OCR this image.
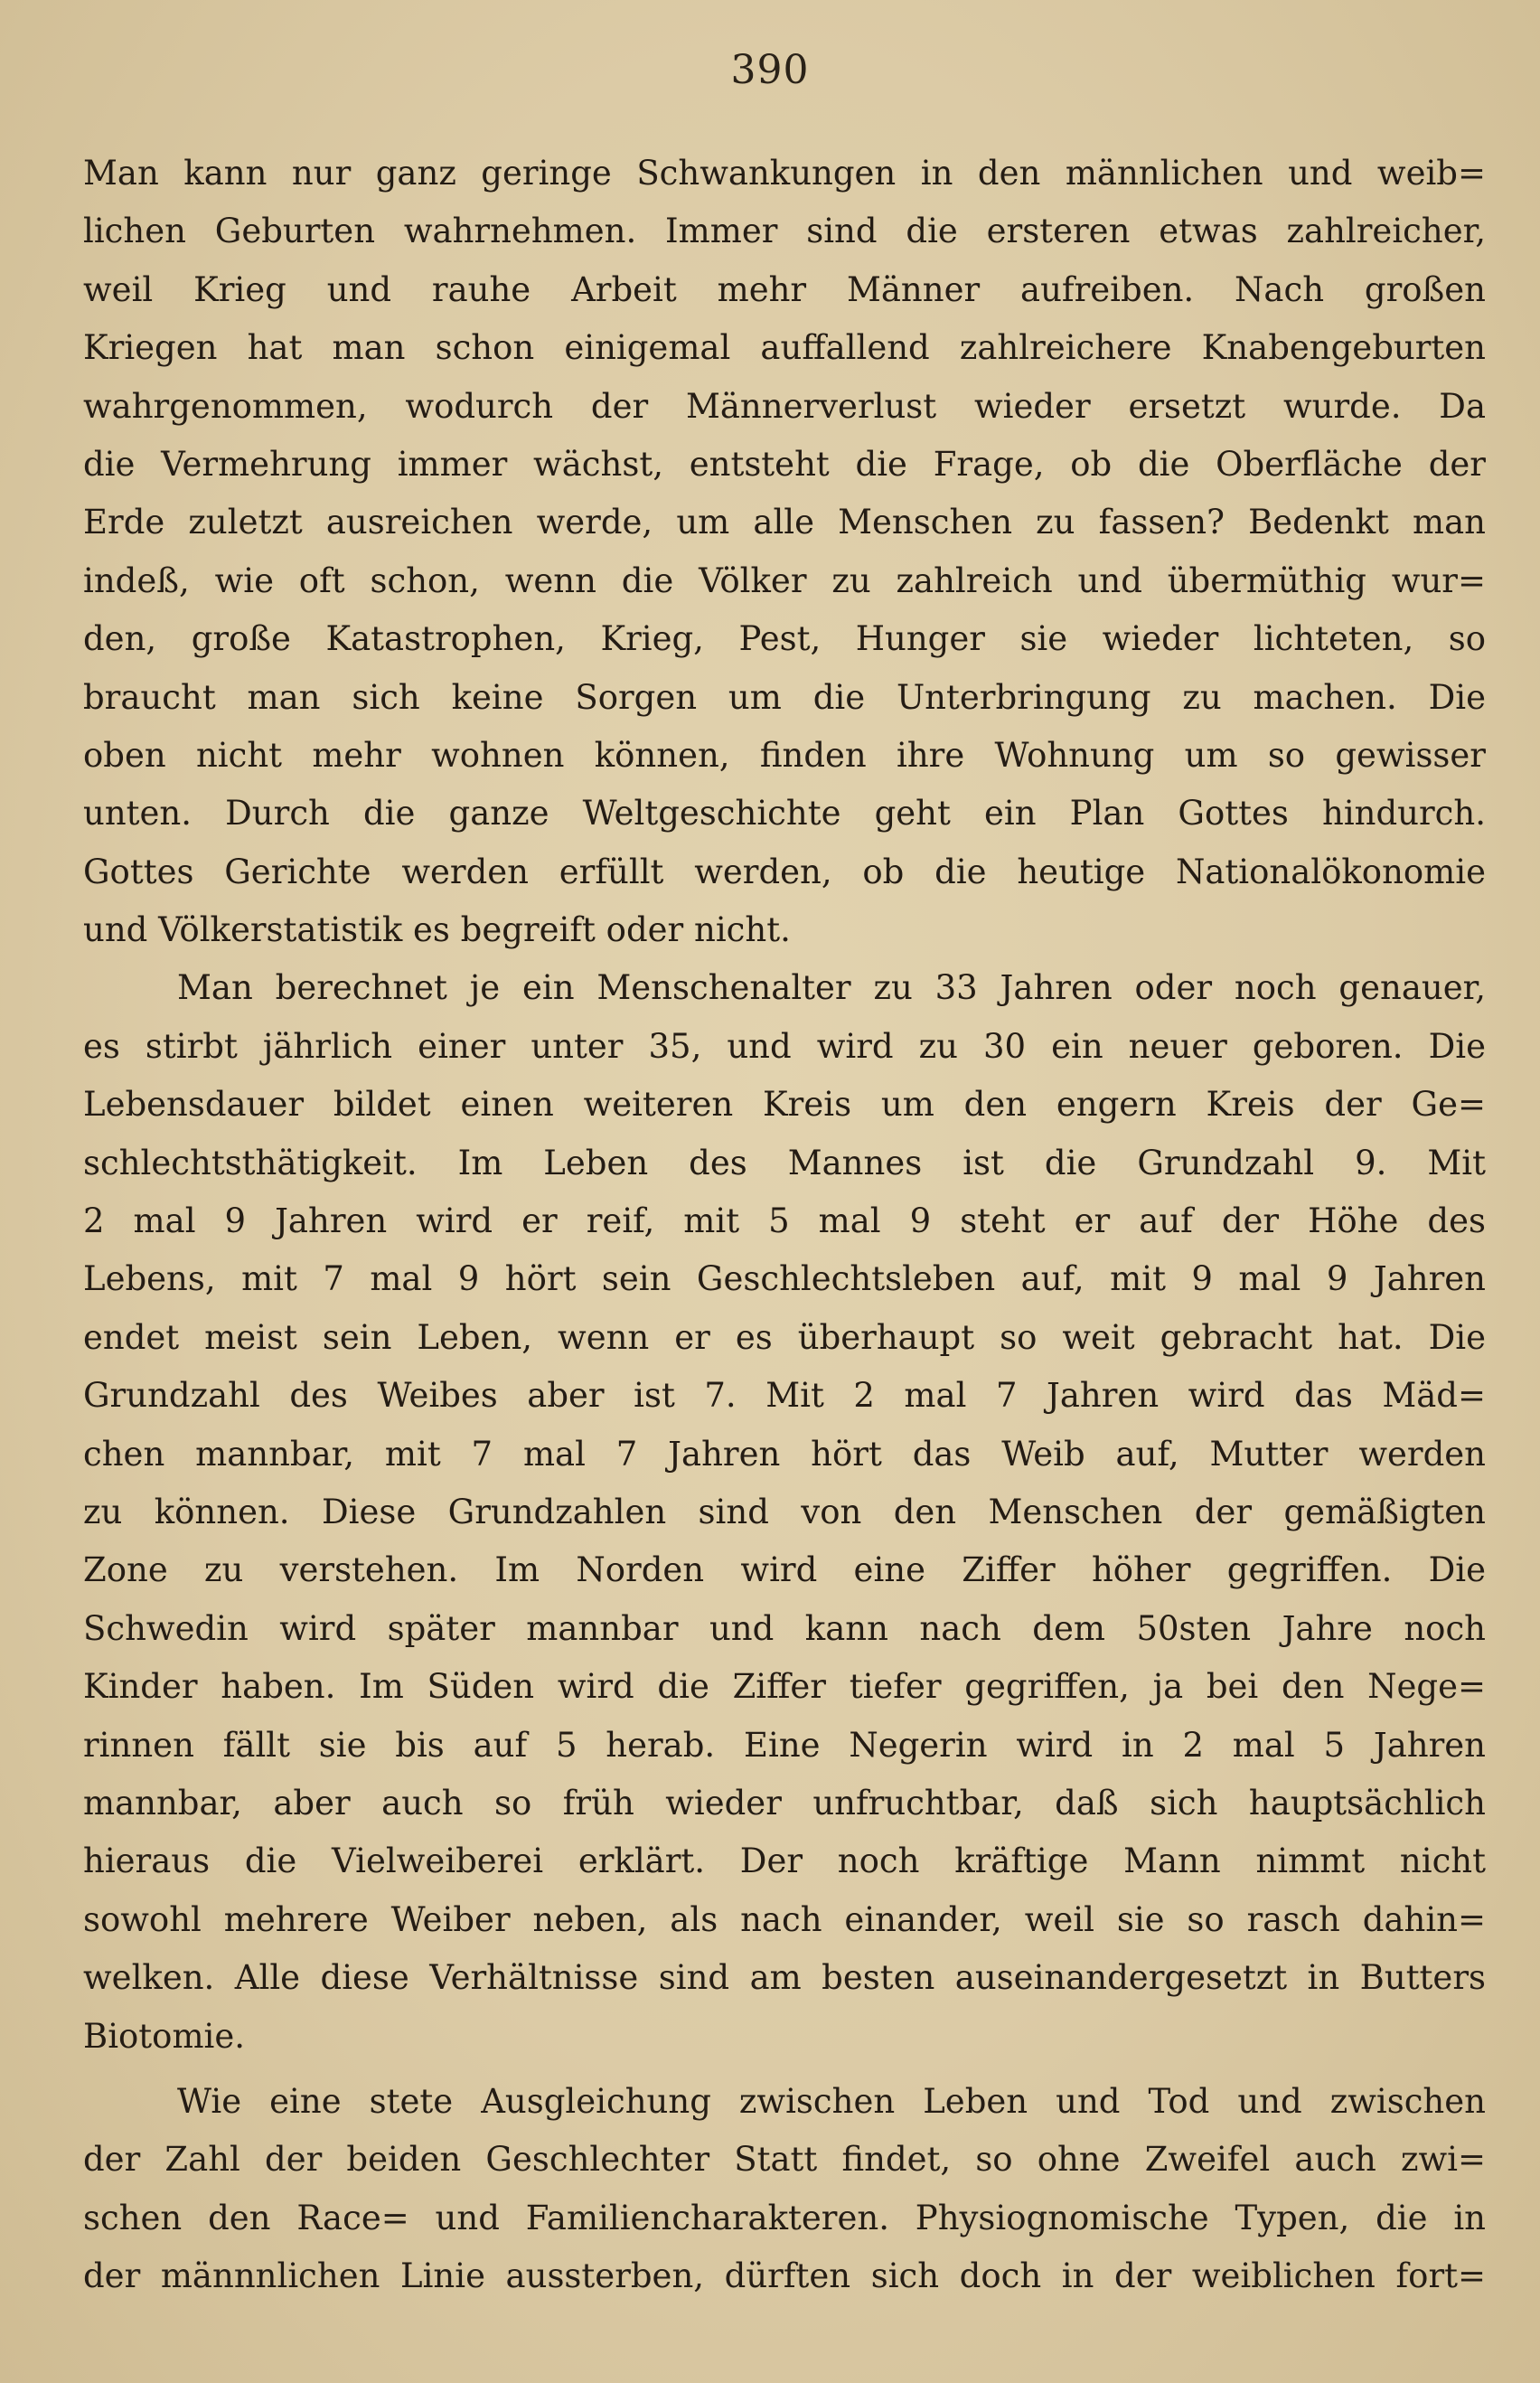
390
Man kann nur ganz geringe Schwankungen in den männlichen und weib=
lichen Geburten wahrnehmen. Immer sind die ersteren etwas zahlreicher,
weil Krieg und rauhe Arbeit mehr Männer aufreiben. Nach großen
Kriegen hat man schon einigemal auffallend zahlreichere Knabengeburten
wahrgenommen, wodurch der Männerverlust wieder ersetzt wurde. Da
die Vermehrung immer wächst, entsteht die Frage, ob die Oberfläche der
Erde zuletzt ausreichen werde, um alle Menschen zu fassen? Bedenkt man
indeß, wie oft schon, wenn die Völker zu zahlreich und übermüthig wur=
den, große Katastrophen, Krieg, Pest, Hunger sie wieder lichteten, so
braucht man sich keine Sorgen um die Unterbringung zu machen. Die
oben nicht mehr wohnen können, finden ihre Wohnung um so gewisser
unten. Durch die ganze Weltgeschichte geht ein Plan Gottes hindurch.
Gottes Gerichte werden erfüllt werden, ob die heutige Nationalökonomie
und Völkerstatistik es begreift oder nicht.
Man berechnet je ein Menschenalter zu 33 Jahren oder noch genauer,
es stirbt jährlich einer unter 35, und wird zu 30 ein neuer geboren. Die
Lebensdauer bildet einen weiteren Kreis um den engern Kreis der Ge=
schlechtsthätigkeit. Im Leben des Mannes ist die Grundzahl 9. Mit
2 mal 9 Jahren wird er reif, mit 5 mal 9 steht er auf der Höhe des
Lebens, mit 7 mal 9 hört sein Geschlechtsleben auf, mit 9 mal 9 Jahren
endet meist sein Leben, wenn er es überhaupt so weit gebracht hat. Die
Grundzahl des Weibes aber ist 7. Mit 2 mal 7 Jahren wird das Mäd=
chen mannbar, mit 7 mal 7 Jahren hört das Weib auf, Mutter werden
zu können. Diese Grundzahlen sind von den Menschen der gemäßigten
Zone zu verstehen. Im Norden wird eine Ziffer höher gegriffen. Die
Schwedin wird später mannbar und kann nach dem 50sten Jahre noch
Kinder haben. Im Süden wird die Ziffer tiefer gegriffen, ja bei den Nege=
rinnen fällt sie bis auf 5 herab. Eine Negerin wird in 2 mal 5 Jahren
mannbar, aber auch so früh wieder unfruchtbar, daß sich hauptsächlich
hieraus die Vielweiberei erklärt. Der noch kräftige Mann nimmt nicht
sowohl mehrere Weiber neben, als nach einander, weil sie so rasch dahin=
welken. Alle diese Verhältnisse sind am besten auseinandergesetzt in Butters
Biotomie.
Wie eine stete Ausgleichung zwischen Leben und Tod und zwischen
der Zahl der beiden Geschlechter Statt findet, so ohne Zweifel auch zwi=
schen den Race= und Familiencharakteren. Physiognomische Typen, die in
der männnlichen Linie aussterben, dürften sich doch in der weiblichen fort=
